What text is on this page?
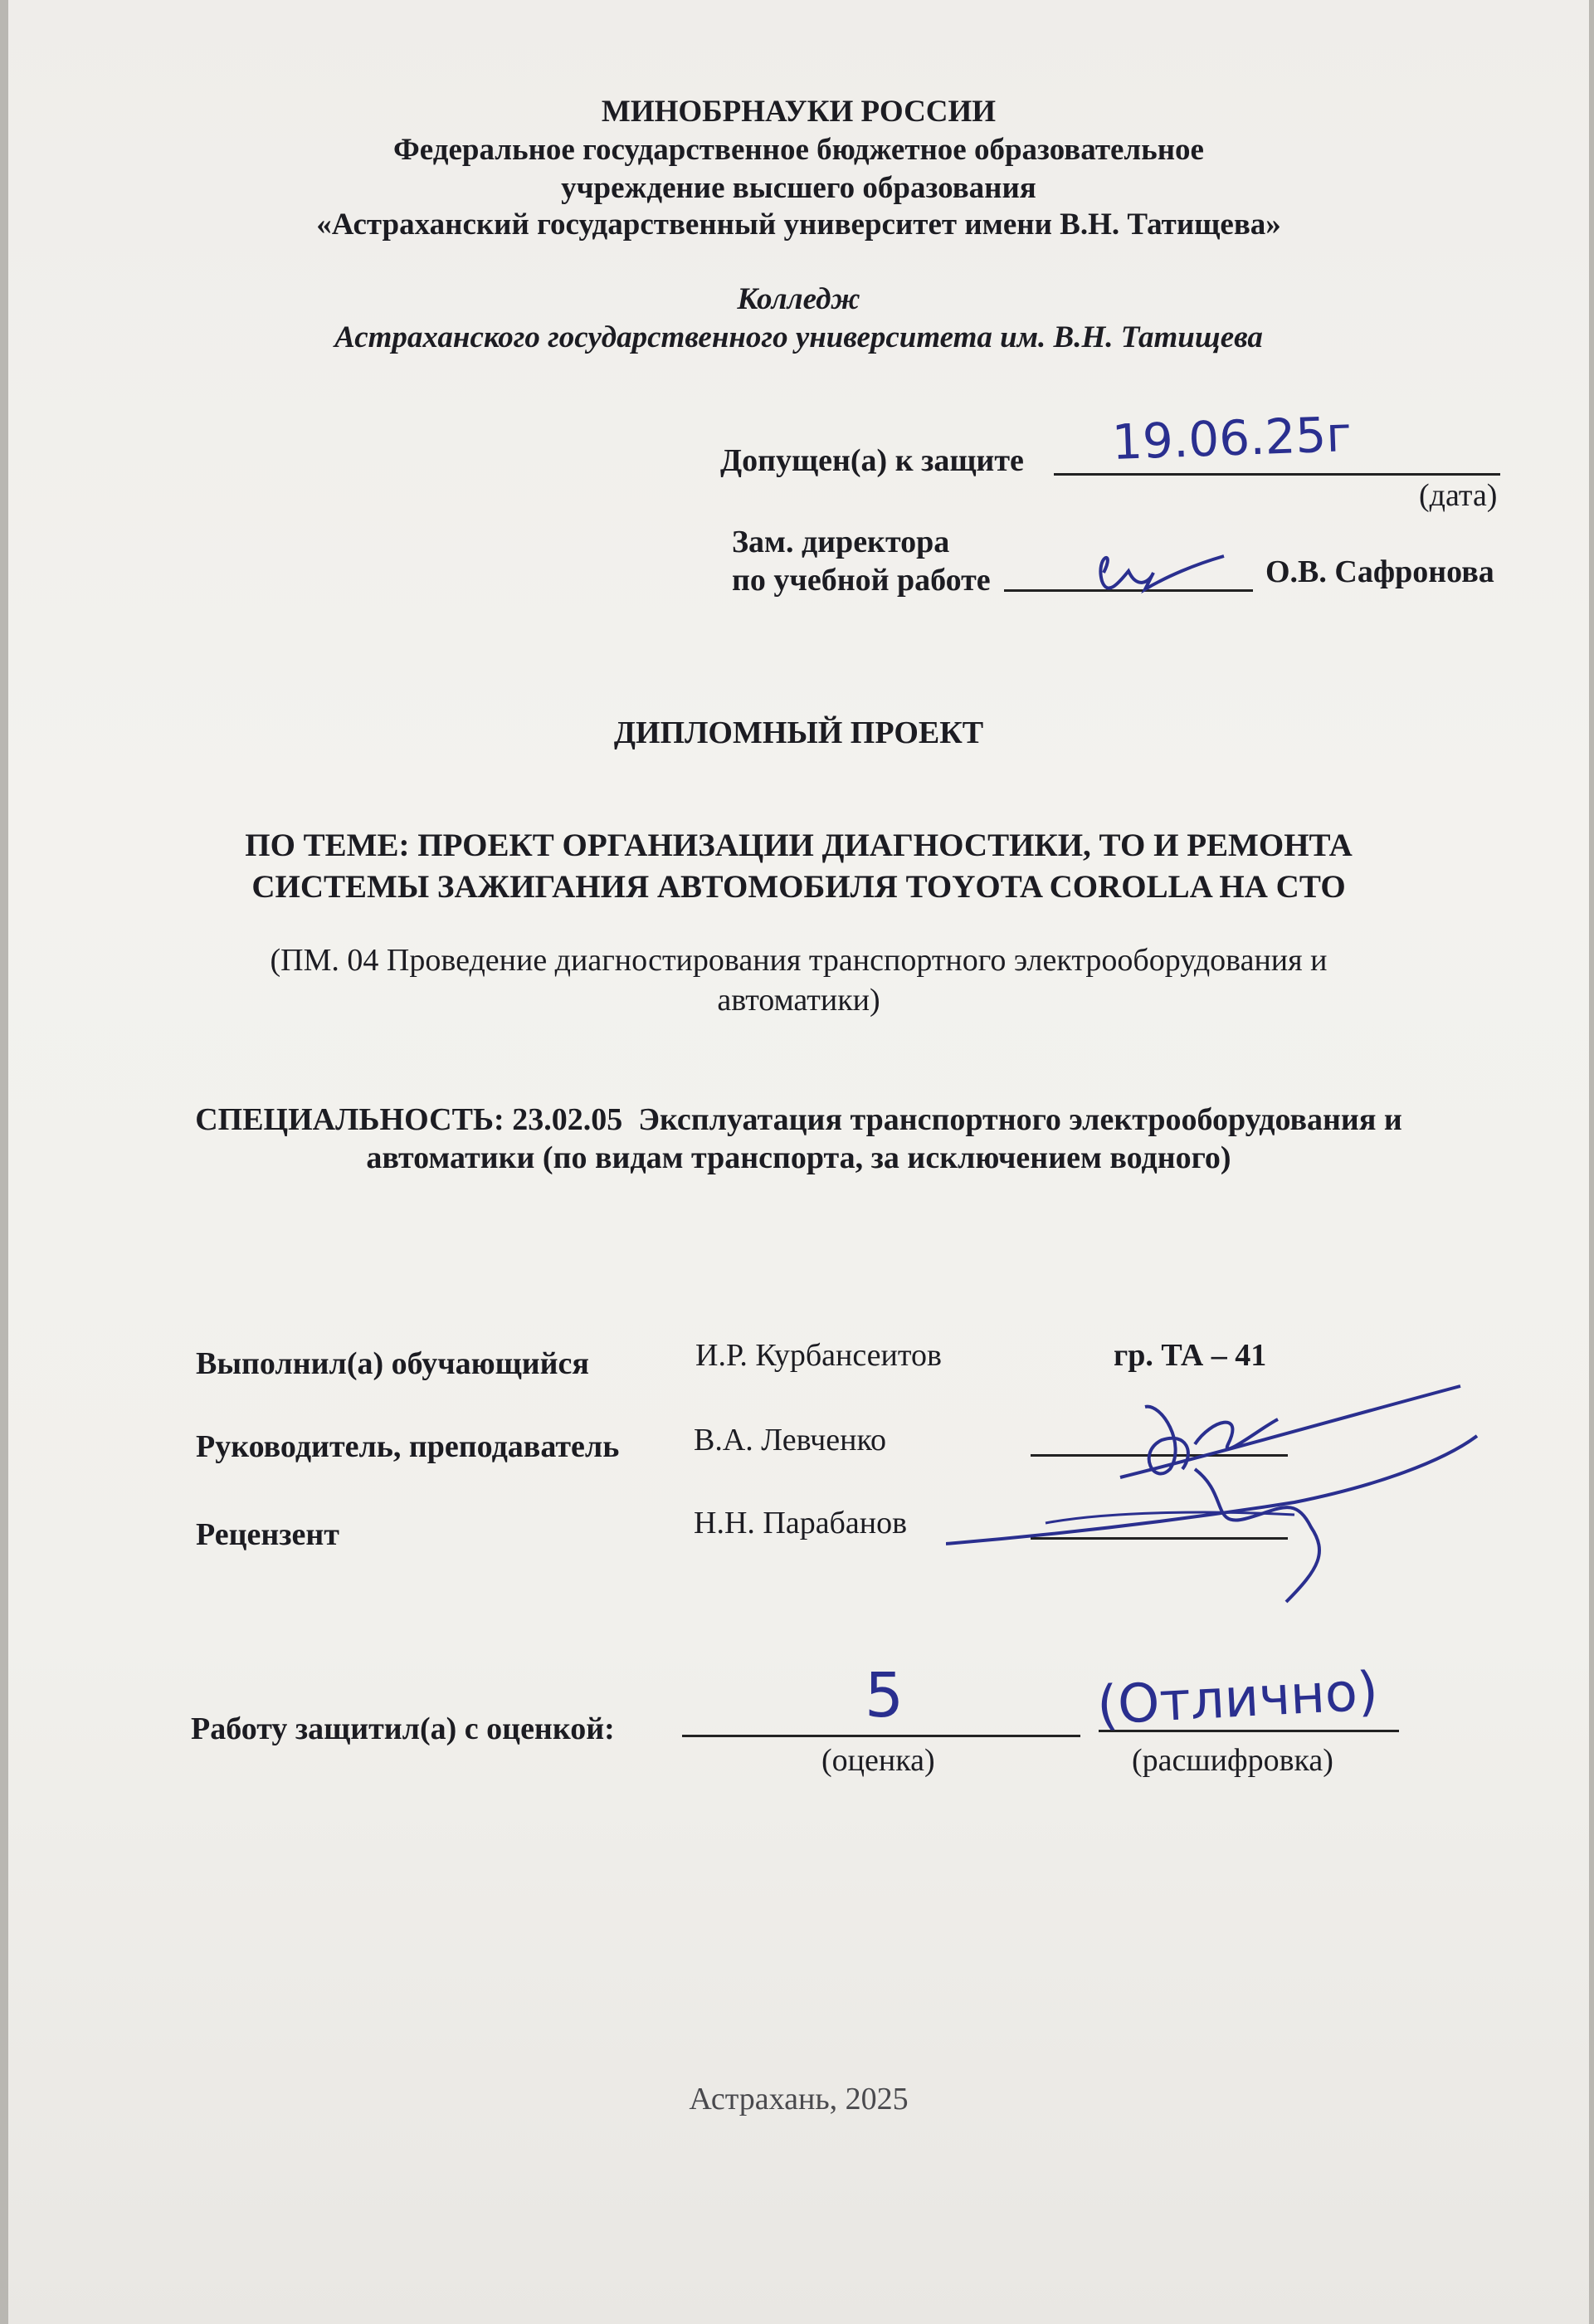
МИНОБРНАУКИ РОССИИ
Федеральное государственное бюджетное образовательное
учреждение высшего образования
«Астраханский государственный университет имени В.Н. Татищева»
Колледж
Астраханского государственного университета им. В.Н. Татищева
Допущен(а) к защите 19.06.25г
(дата)
Зам. директора
по учебной работе	О.В. Сафронова
ДИПЛОМНЫЙ ПРОЕКТ
ПО ТЕМЕ: ПРОЕКТ ОРГАНИЗАЦИИ ДИАГНОСТИКИ, ТО И РЕМОНТА
СИСТЕМЫ ЗАЖИГАНИЯ АВТОМОБИЛЯ TOYOTA COROLLA НА СТО
(ПМ. 04 Проведение диагностирования транспортного электрооборудования и
автоматики)
СПЕЦИАЛЬНОСТЬ: 23.02.05 Эксплуатация транспортного электрооборудования и
автоматики (по видам транспорта, за исключением водного)
Выполнил(а) обучающийся	И.Р. Курбансеитов	гр. ТА – 41
Руководитель, преподаватель В.А. Левченко
Рецензент	Н.Н. Парабанов
Работу защитил(а) с оценкой:	5
(оценка)
(Отлично)
(расшифровка)
Астрахань, 2025
